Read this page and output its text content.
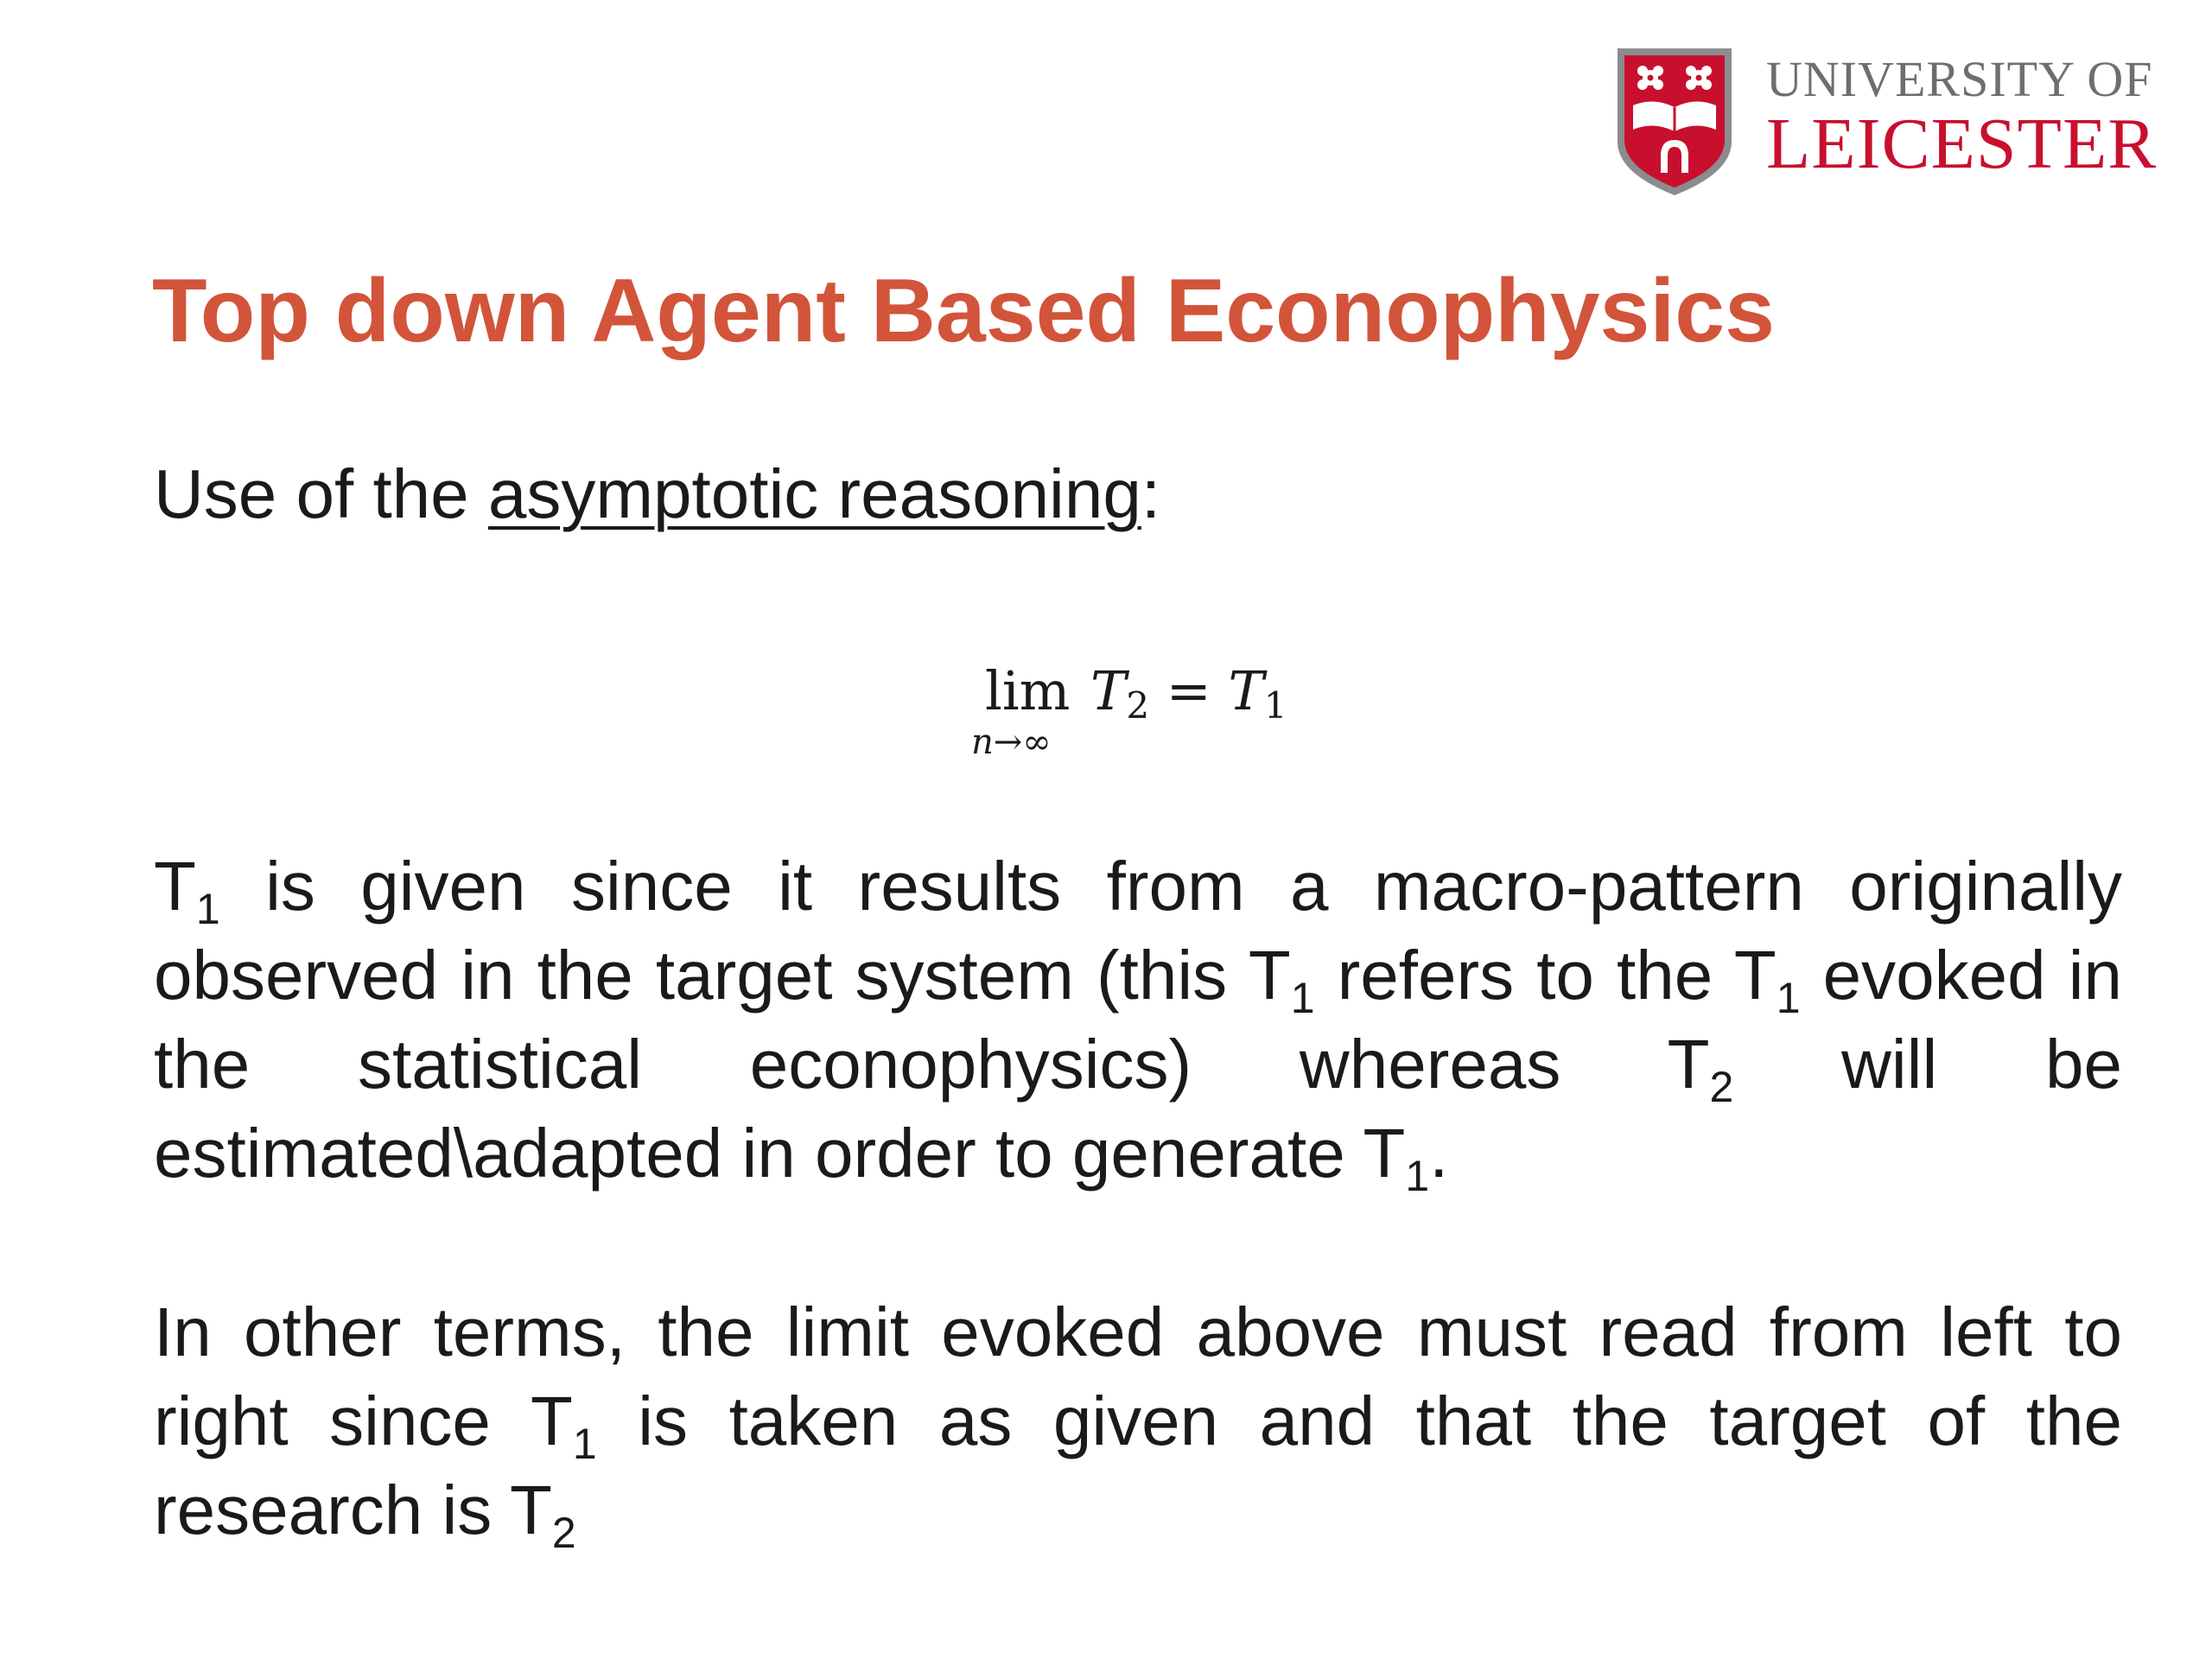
UNIVERSITY OF
LEICESTER
Top down Agent Based Econophysics
Use of the asymptotic reasoning:
lim
n→∞
$T_2 = T_1$
$T_1$ is given since it results from a macro-pattern originally observed in the target system (this $T_1$ refers to the $T_1$ evoked in the statistical econophysics) whereas $T_2$ will be estimated\adapted in order to generate $T_1$.
In other terms, the limit evoked above must read from left to right since $T_1$ is taken as given and that the target of the research is $T_2$
